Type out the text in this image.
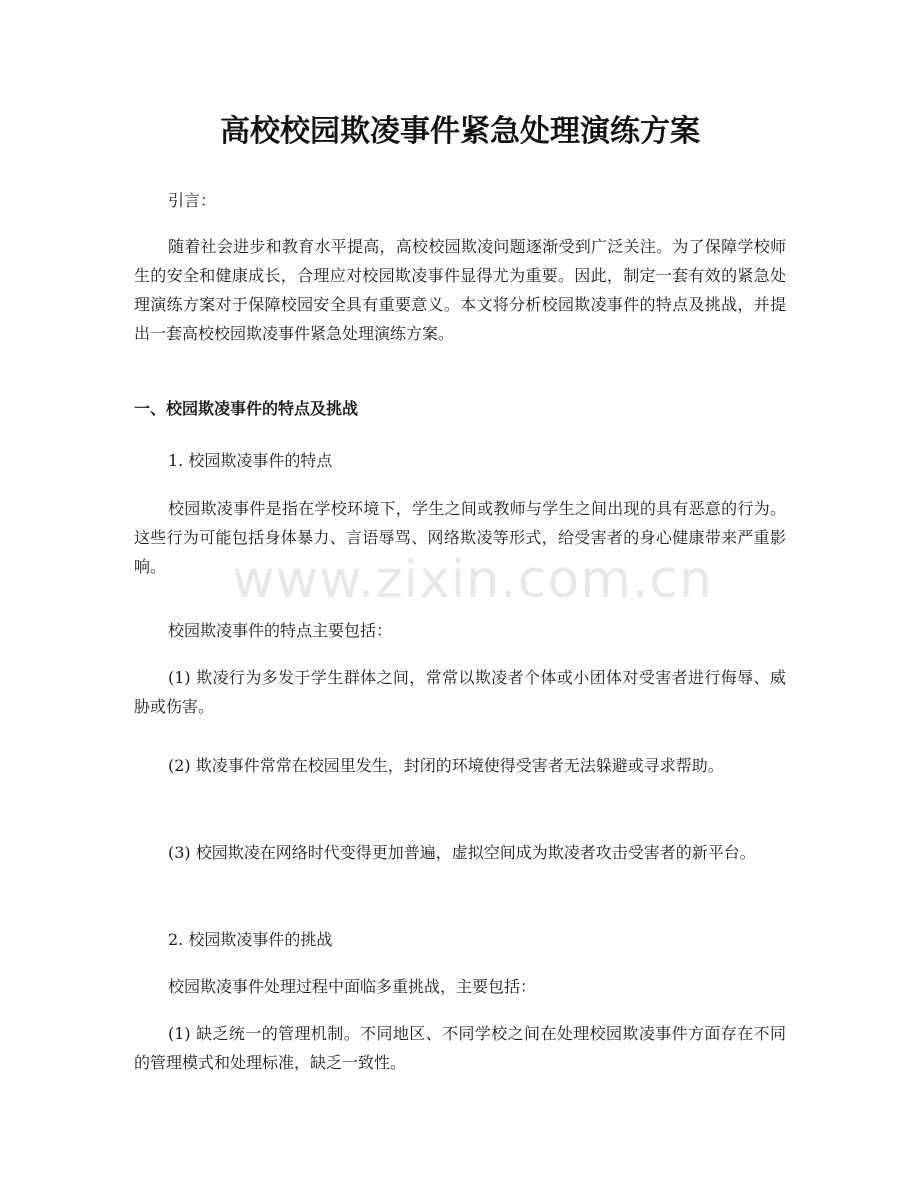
高校校园欺凌事件紧急处理演练方案

引言：

随着社会进步和教育水平提高，高校校园欺凌问题逐渐受到广泛关注。为了保障学校师生的安全和健康成长，合理应对校园欺凌事件显得尤为重要。因此，制定一套有效的紧急处理演练方案对于保障校园安全具有重要意义。本文将分析校园欺凌事件的特点及挑战，并提出一套高校校园欺凌事件紧急处理演练方案。

一、校园欺凌事件的特点及挑战

1. 校园欺凌事件的特点

校园欺凌事件是指在学校环境下，学生之间或教师与学生之间出现的具有恶意的行为。这些行为可能包括身体暴力、言语辱骂、网络欺凌等形式，给受害者的身心健康带来严重影响。

校园欺凌事件的特点主要包括：

(1) 欺凌行为多发于学生群体之间，常常以欺凌者个体或小团体对受害者进行侮辱、威胁或伤害。

(2) 欺凌事件常常在校园里发生，封闭的环境使得受害者无法躲避或寻求帮助。

(3) 校园欺凌在网络时代变得更加普遍，虚拟空间成为欺凌者攻击受害者的新平台。

2. 校园欺凌事件的挑战

校园欺凌事件处理过程中面临多重挑战，主要包括：

(1) 缺乏统一的管理机制。不同地区、不同学校之间在处理校园欺凌事件方面存在不同的管理模式和处理标准，缺乏一致性。

www.zixin.com.cn
